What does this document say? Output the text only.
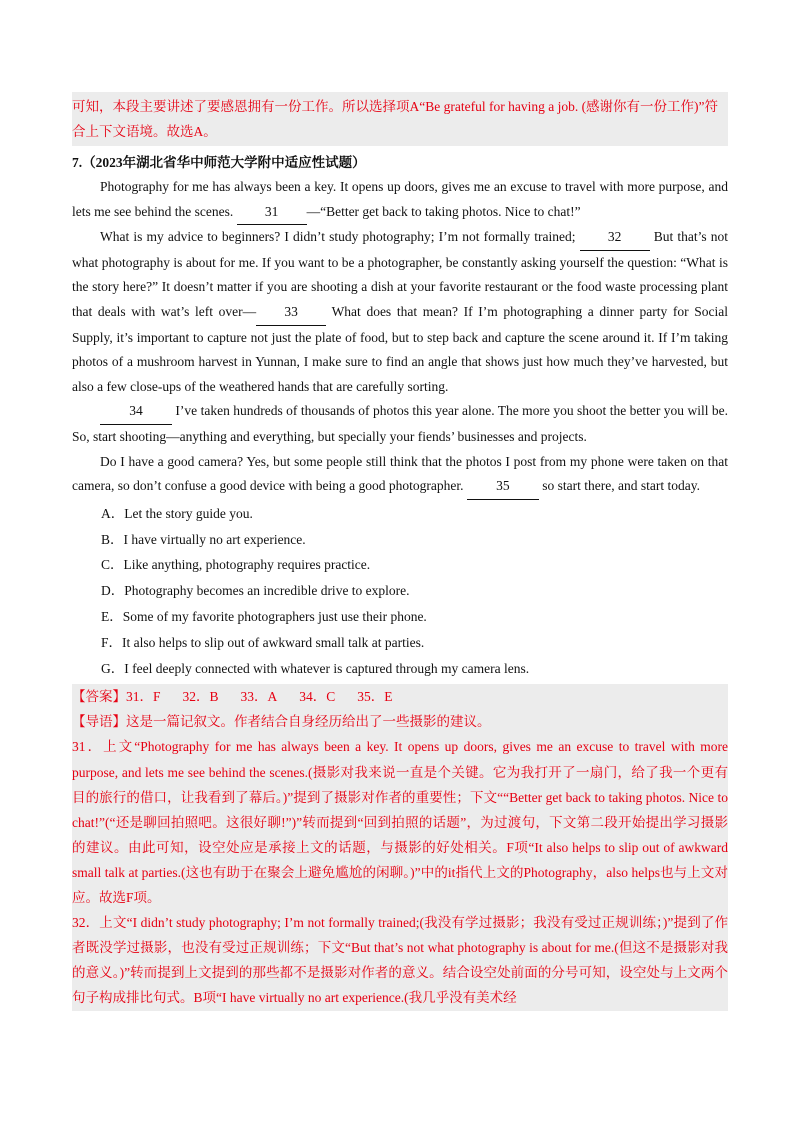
可知，本段主要讲述了要感恩拥有一份工作。所以选择项A“Be grateful for having a job. (感谢你有一份工作)”符合上下文语境。故选A。
7.（2023年湖北省华中师范大学附中适应性试题）

Photography for me has always been a key. It opens up doors, gives me an excuse to travel with more purpose, and lets me see behind the scenes. 31 —“Better get back to taking photos. Nice to chat!”

What is my advice to beginners? I didn’t study photography; I’m not formally trained; 32 But that’s not what photography is about for me. If you want to be a photographer, be constantly asking yourself the question: “What is the story here?” It doesn’t matter if you are shooting a dish at your favorite restaurant or the food waste processing plant that deals with wat’s left over— 33 What does that mean? If I’m photographing a dinner party for Social Supply, it’s important to capture not just the plate of food, but to step back and capture the scene around it. If I’m taking photos of a mushroom harvest in Yunnan, I make sure to find an angle that shows just how much they’ve harvested, but also a few close-ups of the weathered hands that are carefully sorting.

34 I’ve taken hundreds of thousands of photos this year alone. The more you shoot the better you will be. So, start shooting—anything and everything, but specially your fiends’ businesses and projects.

Do I have a good camera? Yes, but some people still think that the photos I post from my phone were taken on that camera, so don’t confuse a good device with being a good photographer. 35 so start there, and start today.

A．Let the story guide you.
B．I have virtually no art experience.
C．Like anything, photography requires practice.
D．Photography becomes an incredible drive to explore.
E．Some of my favorite photographers just use their phone.
F．It also helps to slip out of awkward small talk at parties.
G．I feel deeply connected with whatever is captured through my camera lens.

【答案】31．F 32．B 33．A 34．C 35．E

【导语】这是一篇记叙文。作者结合自身经历给出了一些摄影的建议。

31．上文“Photography for me has always been a key. It opens up doors, gives me an excuse to travel with more purpose, and lets me see behind the scenes.(摄影对我来说一直是个关键。它为我打开了一扇门，给了我一个更有目的旅行的借口，让我看到了幕后。)”提到了摄影对作者的重要性；下文““Better get back to taking photos. Nice to chat!”(“还是聊回拍照吧。这很好聊!”)”转而提到“回到拍照的话题”，为过渡句，下文第二段开始提出学习摄影的建议。由此可知，设空处应是承接上文的话题，与摄影的好处相关。F项“It also helps to slip out of awkward small talk at parties.(这也有助于在聚会上避免尴尬的闲聊。)”中的it指代上文的Photography，also helps也与上文对应。故选F项。

32．上文“I didn’t study photography; I’m not formally trained;(我没有学过摄影；我没有受过正规训练；)”提到了作者既没学过摄影，也没有受过正规训练；下文“But that’s not what photography is about for me.(但这不是摄影对我的意义。)”转而提到上文提到的那些都不是摄影对作者的意义。结合设空处前面的分号可知，设空处与上文两个句子构成排比句式。B项“I have virtually no art experience.(我几乎没有美术经
